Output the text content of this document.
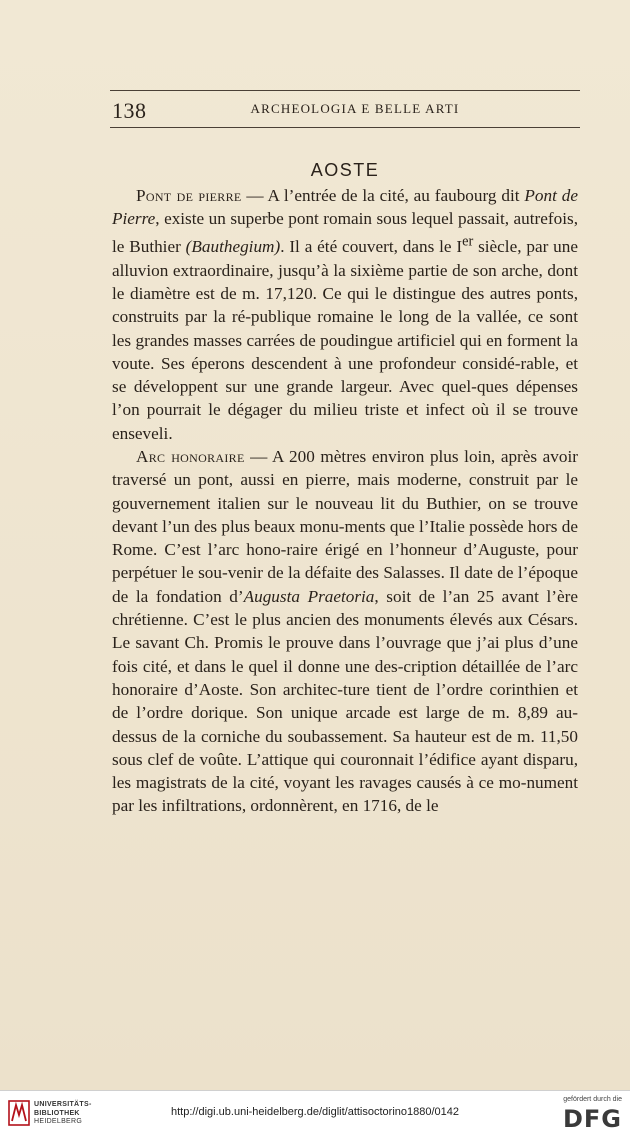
138	ARCHEOLOGIA E BELLE ARTI
AOSTE

Pont de pierre — A l’entrée de la cité, au faubourg dit Pont de Pierre, existe un superbe pont romain sous lequel passait, autrefois, le Buthier (Bauthegium). Il a été couvert, dans le Ier siècle, par une alluvion extraordinaire, jusqu’à la sixième partie de son arche, dont le diamètre est de m. 17,120. Ce qui le distingue des autres ponts, construits par la ré-publique romaine le long de la vallée, ce sont les grandes masses carrées de poudingue artificiel qui en forment la voute. Ses éperons descendent à une profondeur considé-rable, et se développent sur une grande largeur. Avec quel-ques dépenses l’on pourrait le dégager du milieu triste et infect où il se trouve enseveli.

Arc honoraire — A 200 mètres environ plus loin, après avoir traversé un pont, aussi en pierre, mais moderne, construit par le gouvernement italien sur le nouveau lit du Buthier, on se trouve devant l’un des plus beaux monu-ments que l’Italie possède hors de Rome. C’est l’arc hono-raire érigé en l’honneur d’Auguste, pour perpétuer le sou-venir de la défaite des Salasses. Il date de l’époque de la fondation d’Augusta Praetoria, soit de l’an 25 avant l’ère chrétienne. C’est le plus ancien des monuments élevés aux Césars. Le savant Ch. Promis le prouve dans l’ouvrage que j’ai plus d’une fois cité, et dans le quel il donne une des-cription détaillée de l’arc honoraire d’Aoste. Son architec-ture tient de l’ordre corinthien et de l’ordre dorique. Son unique arcade est large de m. 8,89 au-dessus de la corniche du soubassement. Sa hauteur est de m. 11,50 sous clef de voûte. L’attique qui couronnait l’édifice ayant disparu, les magistrats de la cité, voyant les ravages causés à ce mo-nument par les infiltrations, ordonnèrent, en 1716, de le

UNIVERSITÄTS-
BIBLIOTHEK
HEIDELBERG
http://digi.ub.uni-heidelberg.de/diglit/attisoctorino1880/0142
gefördert durch die
DFG
